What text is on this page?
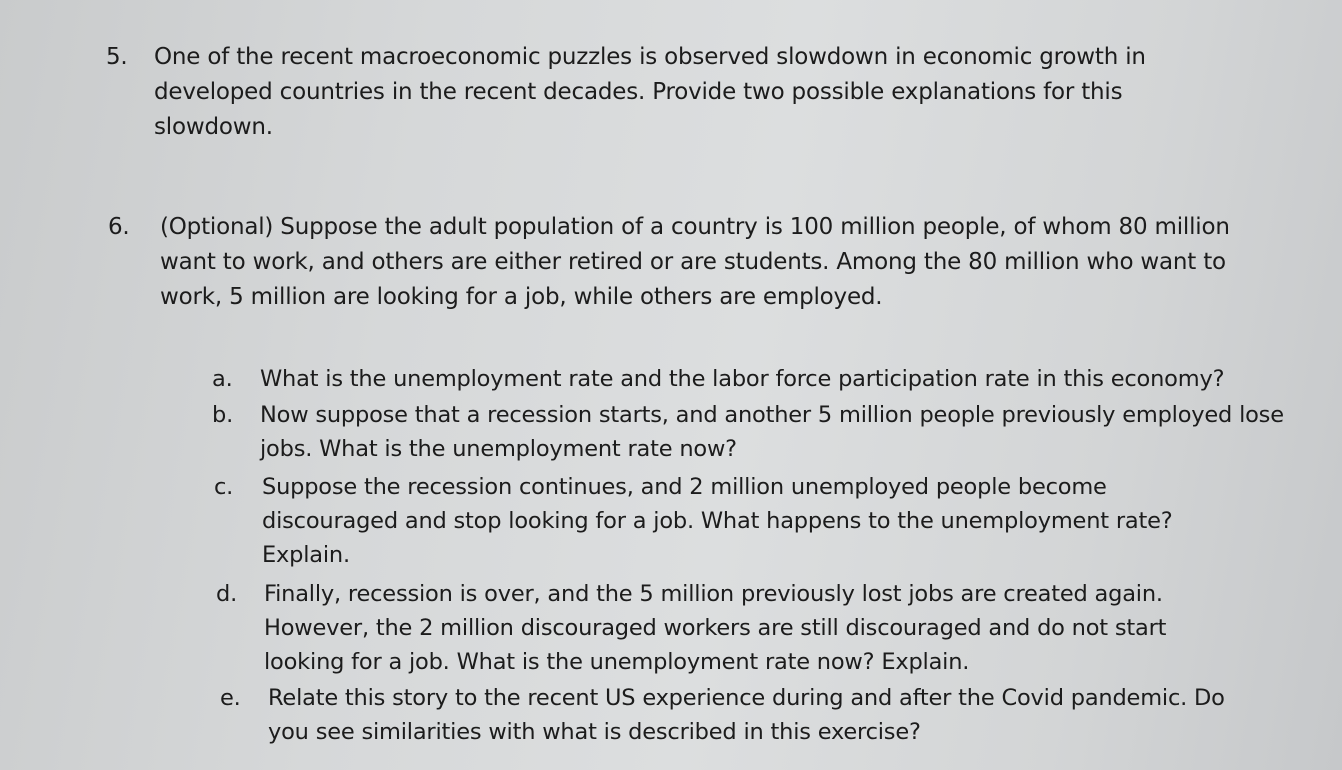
5. One of the recent macroeconomic puzzles is observed slowdown in economic growth in developed countries in the recent decades. Provide two possible explanations for this slowdown.
6. (Optional) Suppose the adult population of a country is 100 million people, of whom 80 million want to work, and others are either retired or are students. Among the 80 million who want to work, 5 million are looking for a job, while others are employed.
a. What is the unemployment rate and the labor force participation rate in this economy?
b. Now suppose that a recession starts, and another 5 million people previously employed lose jobs. What is the unemployment rate now?
c. Suppose the recession continues, and 2 million unemployed people become discouraged and stop looking for a job. What happens to the unemployment rate? Explain.
d. Finally, recession is over, and the 5 million previously lost jobs are created again. However, the 2 million discouraged workers are still discouraged and do not start looking for a job. What is the unemployment rate now? Explain.
e. Relate this story to the recent US experience during and after the Covid pandemic. Do you see similarities with what is described in this exercise?
